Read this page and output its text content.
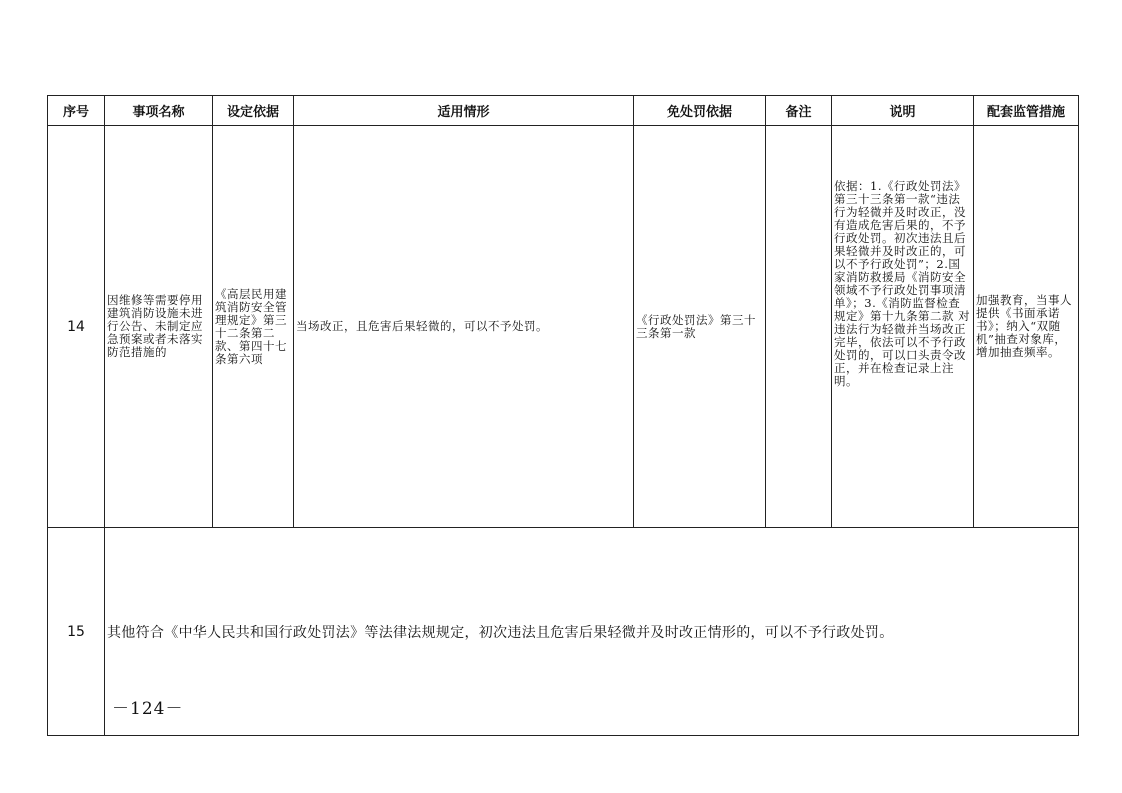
序号	事项名称	设定依据	适用情形	免处罚依据	备注	说明	配套监管措施
14	因维修等需要停用建筑消防设施未进行公告、未制定应急预案或者未落实防范措施的	《高层民用建筑消防安全管理规定》第三十二条第二款、第四十七条第六项	当场改正，且危害后果轻微的，可以不予处罚。	《行政处罚法》第三十三条第一款		依据：1.《行政处罚法》第三十三条第一款“违法行为轻微并及时改正，没有造成危害后果的，不予行政处罚。初次违法且后果轻微并及时改正的，可以不予行政处罚”；2.国家消防救援局《消防安全领域不予行政处罚事项清单》；3.《消防监督检查规定》第十九条第二款 对违法行为轻微并当场改正完毕，依法可以不予行政处罚的，可以口头责令改正，并在检查记录上注明。	加强教育，当事人提供《书面承诺书》；纳入“双随机”抽查对象库，增加抽查频率。
15	其他符合《中华人民共和国行政处罚法》等法律法规规定，初次违法且危害后果轻微并及时改正情形的，可以不予行政处罚。						
－124－
